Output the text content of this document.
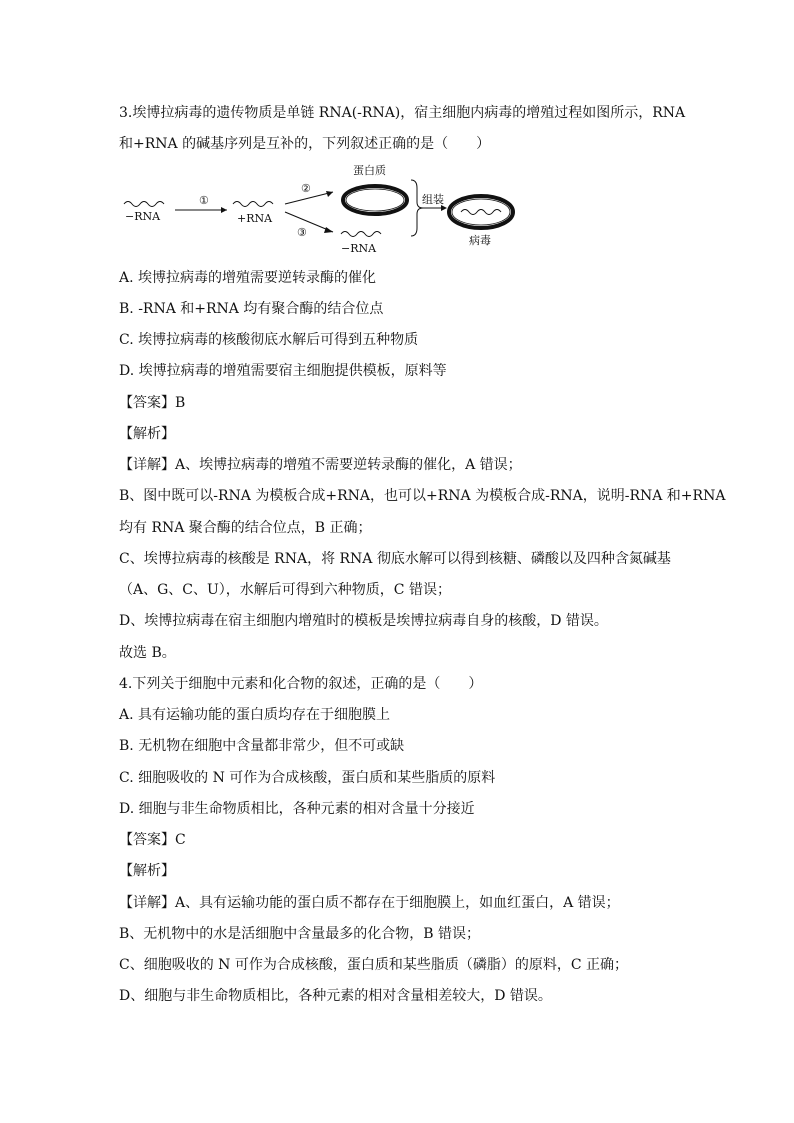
3.埃博拉病毒的遗传物质是单链 RNA(-RNA)，宿主细胞内病毒的增殖过程如图所示，RNA
和+RNA 的碱基序列是互补的，下列叙述正确的是（　　）
−RNA
①
+RNA
②
③
蛋白质
−RNA
组装
病毒
A. 埃博拉病毒的增殖需要逆转录酶的催化
B. -RNA 和+RNA 均有聚合酶的结合位点
C. 埃博拉病毒的核酸彻底水解后可得到五种物质
D. 埃博拉病毒的增殖需要宿主细胞提供模板，原料等
【答案】B
【解析】
【详解】A、埃博拉病毒的增殖不需要逆转录酶的催化，A 错误；
B、图中既可以-RNA 为模板合成+RNA，也可以+RNA 为模板合成-RNA，说明-RNA 和+RNA
均有 RNA 聚合酶的结合位点，B 正确；
C、埃博拉病毒的核酸是 RNA，将 RNA 彻底水解可以得到核糖、磷酸以及四种含氮碱基
（A、G、C、U），水解后可得到六种物质，C 错误；
D、埃博拉病毒在宿主细胞内增殖时的模板是埃博拉病毒自身的核酸，D 错误。
故选 B。
4.下列关于细胞中元素和化合物的叙述，正确的是（　　）
A. 具有运输功能的蛋白质均存在于细胞膜上
B. 无机物在细胞中含量都非常少，但不可或缺
C. 细胞吸收的 N 可作为合成核酸，蛋白质和某些脂质的原料
D. 细胞与非生命物质相比，各种元素的相对含量十分接近
【答案】C
【解析】
【详解】A、具有运输功能的蛋白质不都存在于细胞膜上，如血红蛋白，A 错误；
B、无机物中的水是活细胞中含量最多的化合物，B 错误；
C、细胞吸收的 N 可作为合成核酸，蛋白质和某些脂质（磷脂）的原料，C 正确；
D、细胞与非生命物质相比，各种元素的相对含量相差较大，D 错误。
